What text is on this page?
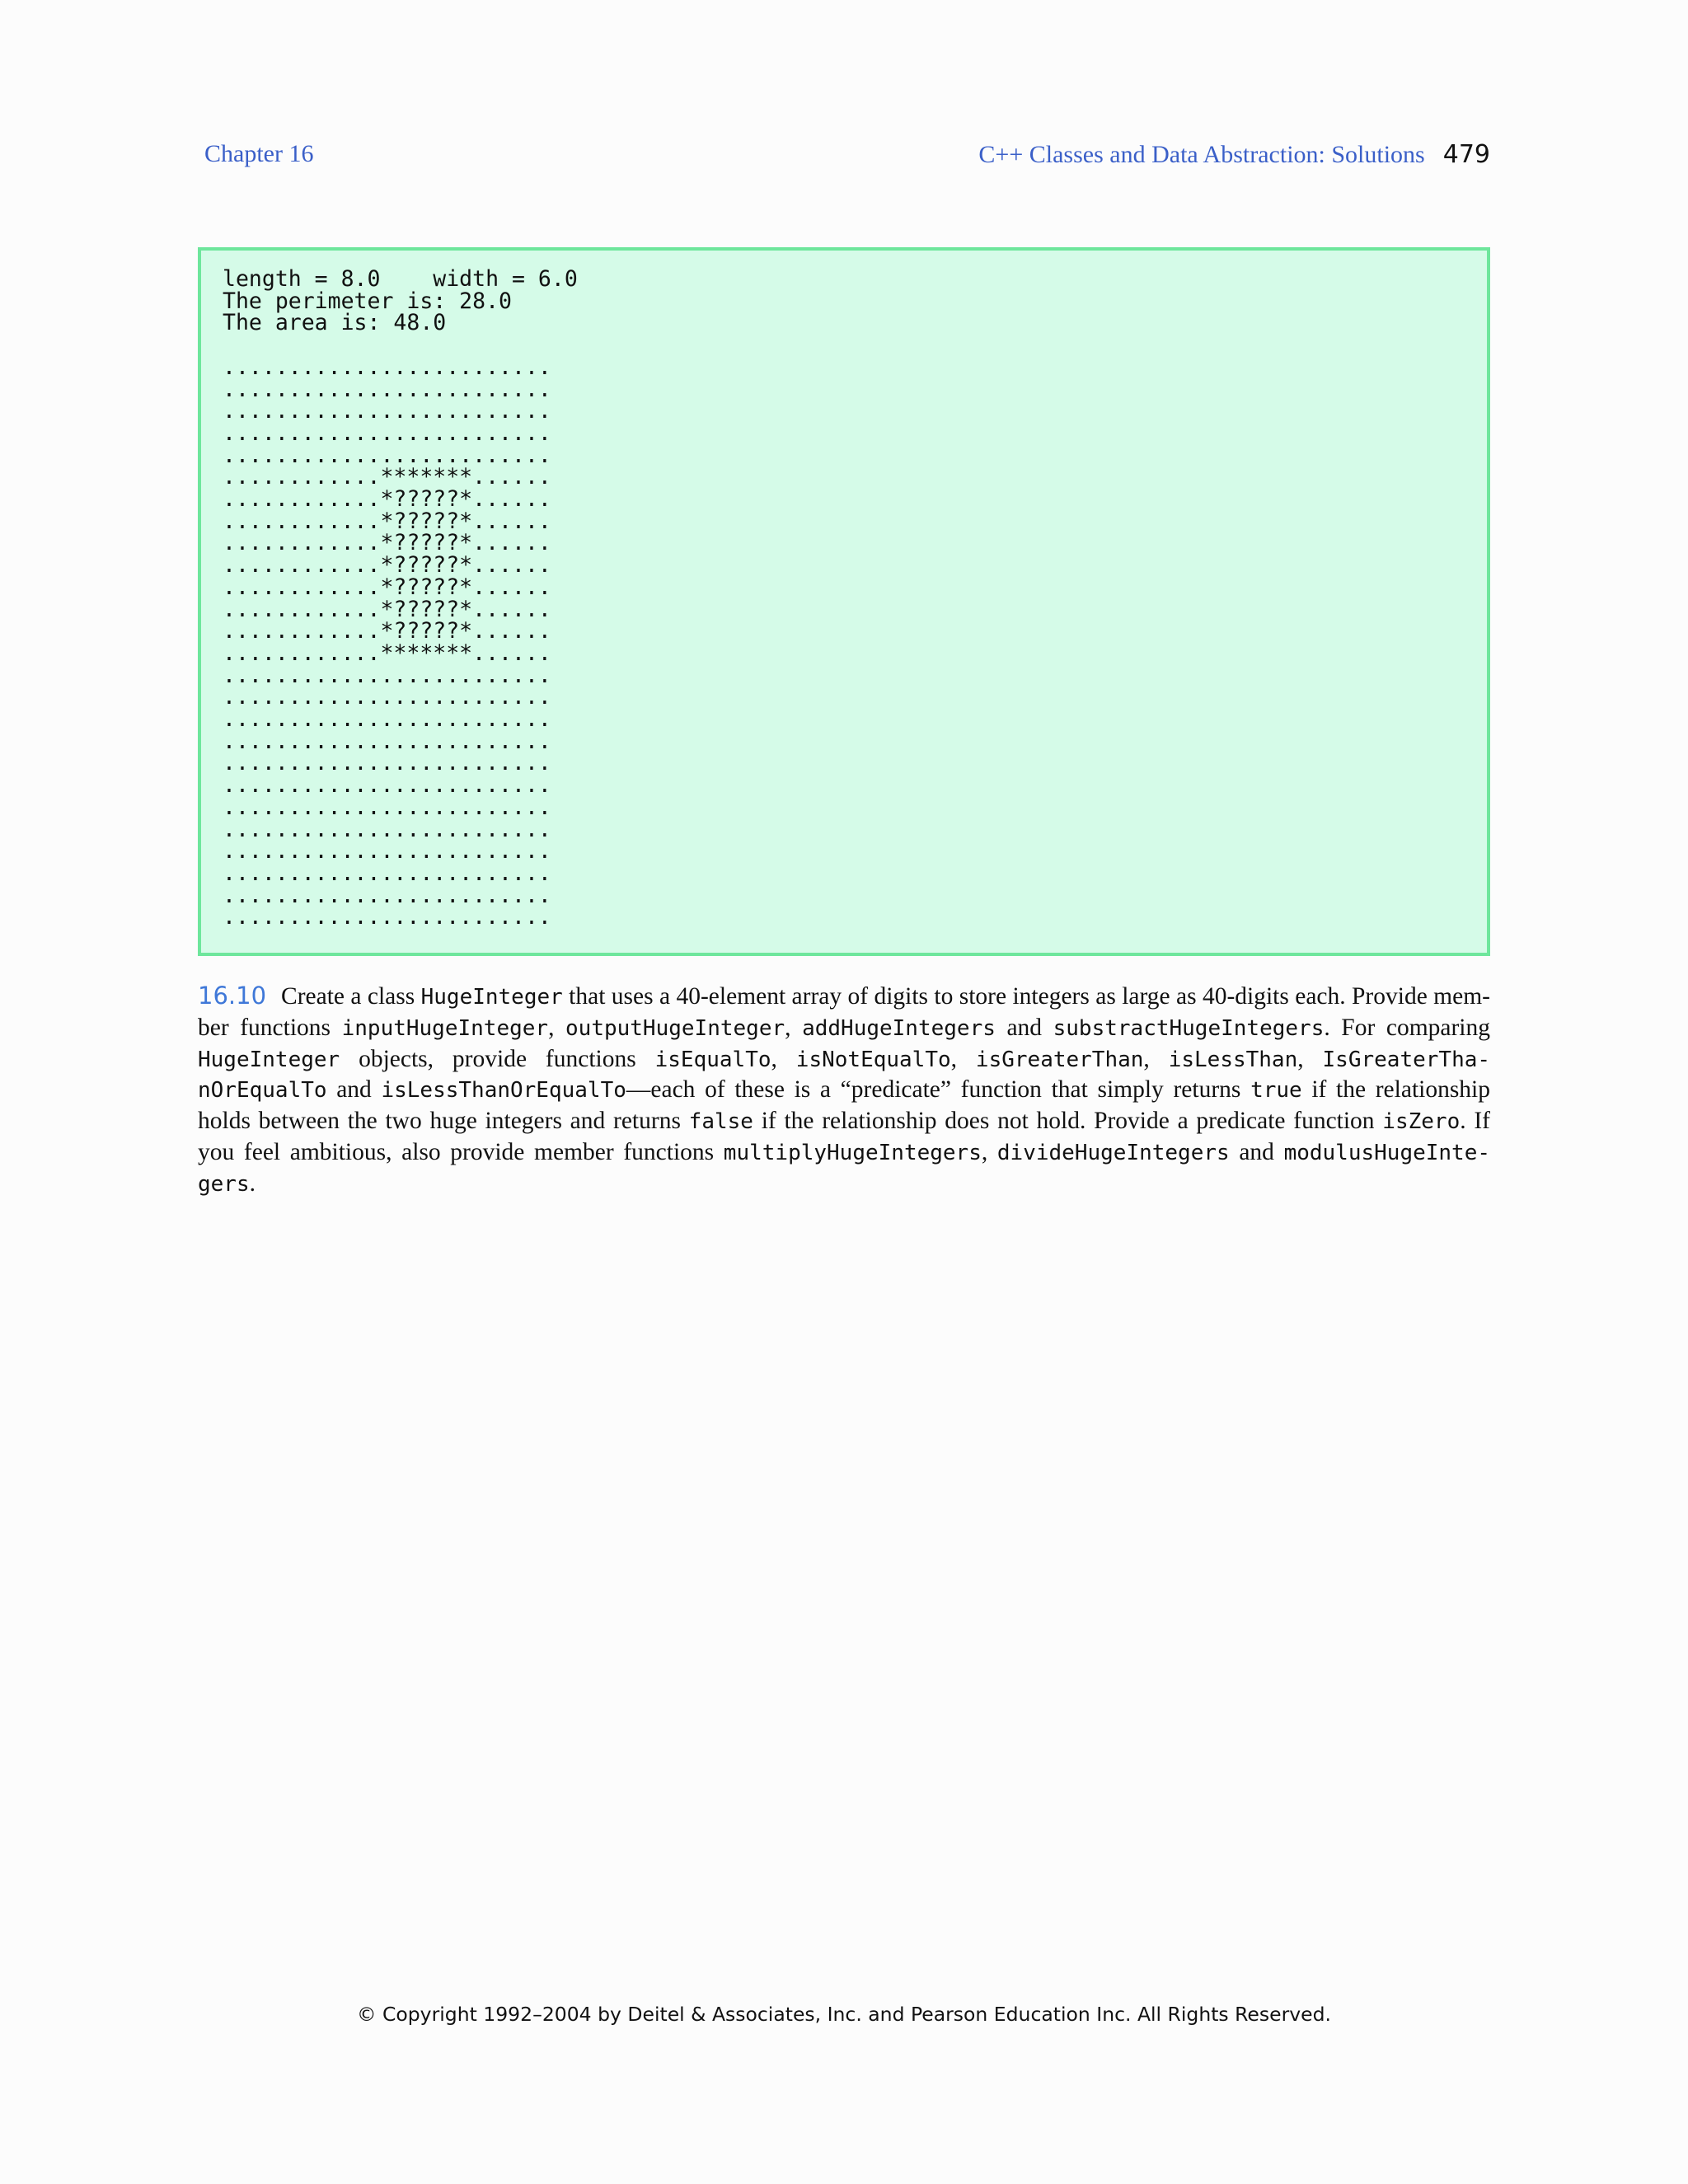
Chapter 16	C++ Classes and Data Abstraction: Solutions 479
length = 8.0    width = 6.0
The perimeter is: 28.0
The area is: 48.0

.........................
.........................
.........................
.........................
.........................
............*******......
............*?????*......
............*?????*......
............*?????*......
............*?????*......
............*?????*......
............*?????*......
............*?????*......
............*******......
.........................
.........................
.........................
.........................
.........................
.........................
.........................
.........................
.........................
.........................
.........................
.........................
16.10 Create a class HugeInteger that uses a 40-element array of digits to store integers as large as 40-digits each. Provide member functions inputHugeInteger, outputHugeInteger, addHugeIntegers and substractHugeIntegers. For comparing HugeInteger objects, provide functions isEqualTo, isNotEqualTo, isGreaterThan, isLessThan, IsGreaterThanOrEqualTo and isLessThanOrEqualTo—each of these is a “predicate” function that simply returns true if the relationship holds between the two huge integers and returns false if the relationship does not hold. Provide a predicate function isZero. If you feel ambitious, also provide member functions multiplyHugeIntegers, divideHugeIntegers and modulusHugeIntegers.
© Copyright 1992–2004 by Deitel & Associates, Inc. and Pearson Education Inc. All Rights Reserved.
